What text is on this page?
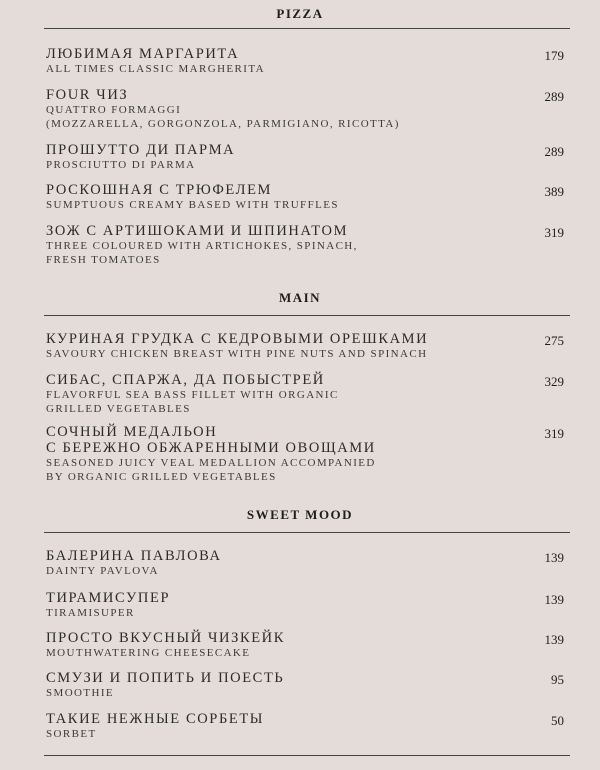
PIZZA
ЛЮБИМАЯ МАРГАРИТА
ALL TIMES CLASSIC MARGHERITA
179
FOUR ЧИЗ
QUATTRO FORMAGGI
(MOZZARELLA, GORGONZOLA, PARMIGIANO, RICOTTA)
289
ПРОШУТТО ДИ ПАРМА
PROSCIUTTO DI PARMA
289
РОСКОШНАЯ С ТРЮФЕЛЕМ
SUMPTUOUS CREAMY BASED WITH TRUFFLES
389
ЗОЖ С АРТИШОКАМИ И ШПИНАТОМ
THREE COLOURED WITH ARTICHOKES, SPINACH,
FRESH TOMATOES
319
MAIN
КУРИНАЯ ГРУДКА С КЕДРОВЫМИ ОРЕШКАМИ
SAVOURY CHICKEN BREAST WITH PINE NUTS AND SPINACH
275
СИБАС, СПАРЖА, ДА ПОБЫСТРЕЙ
FLAVORFUL SEA BASS FILLET WITH ORGANIC
GRILLED VEGETABLES
329
СОЧНЫЙ МЕДАЛЬОН
С БЕРЕЖНО ОБЖАРЕННЫМИ ОВОЩАМИ
SEASONED JUICY VEAL MEDALLION ACCOMPANIED
BY ORGANIC GRILLED VEGETABLES
319
SWEET MOOD
БАЛЕРИНА ПАВЛОВА
DAINTY PAVLOVA
139
ТИРАМИСУПЕР
TIRAMISUPER
139
ПРОСТО ВКУСНЫЙ ЧИЗКЕЙК
MOUTHWATERING CHEESECAKE
139
СМУЗИ И ПОПИТЬ И ПОЕСТЬ
SMOOTHIE
95
ТАКИЕ НЕЖНЫЕ СОРБЕТЫ
SORBET
50
